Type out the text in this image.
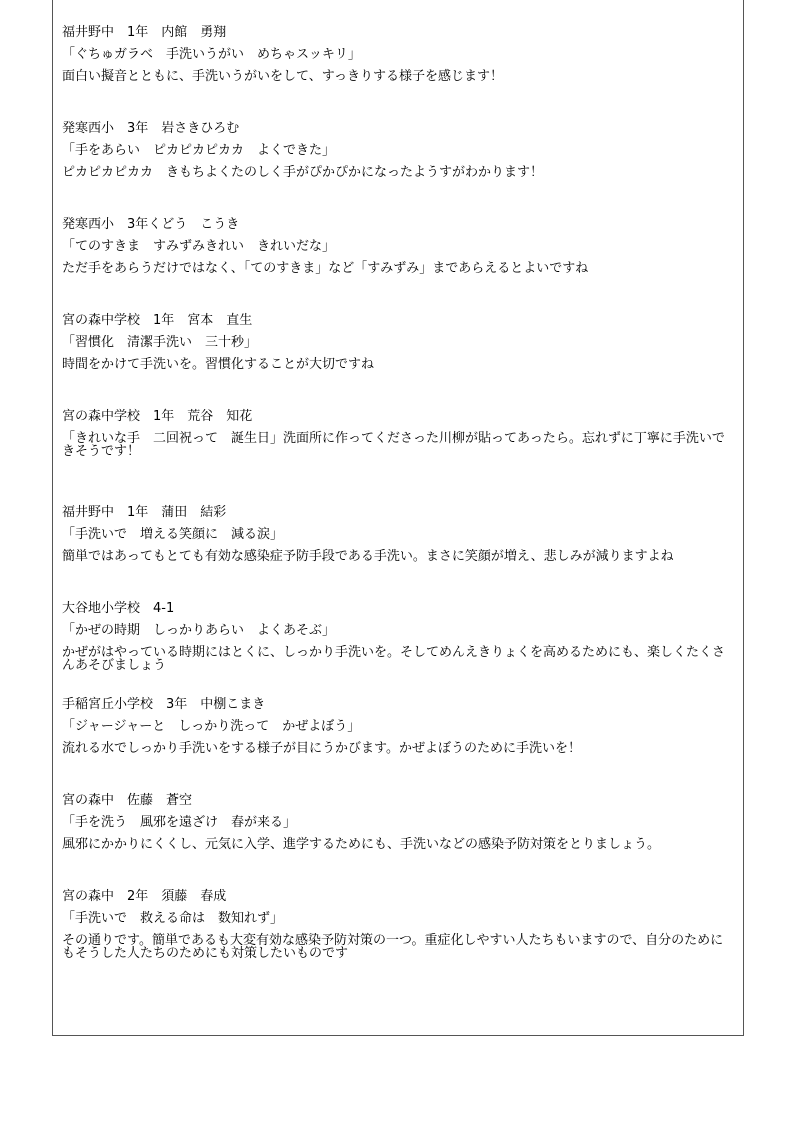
福井野中　1年　内館　勇翔
「ぐちゅガラベ　手洗いうがい　めちゃスッキリ」
面白い擬音とともに、手洗いうがいをして、すっきりする様子を感じます！
発寒西小　3年　岩さきひろむ
「手をあらい　ピカピカピカカ　よくできた」
ピカピカピカカ　きもちよくたのしく手がぴかぴかになったようすがわかります！
発寒西小　3年くどう　こうき
「てのすきま　すみずみきれい　きれいだな」
ただ手をあらうだけではなく、「てのすきま」など「すみずみ」まであらえるとよいですね
宮の森中学校　1年　宮本　直生
「習慣化　清潔手洗い　三十秒」
時間をかけて手洗いを。習慣化することが大切ですね
宮の森中学校　1年　荒谷　知花
「きれいな手　二回祝って　誕生日」洗面所に作ってくださった川柳が貼ってあったら。忘れずに丁寧に手洗いできそうです！
福井野中　1年　蒲田　結彩
「手洗いで　増える笑顔に　減る涙」
簡単ではあってもとても有効な感染症予防手段である手洗い。まさに笑顔が増え、悲しみが減りますよね
大谷地小学校　4-1
「かぜの時期　しっかりあらい　よくあそぶ」
かぜがはやっている時期にはとくに、しっかり手洗いを。そしてめんえきりょくを高めるためにも、楽しくたくさんあそびましょう
手稲宮丘小学校　3年　中㭭こまき
「ジャージャーと　しっかり洗って　かぜよぼう」
流れる水でしっかり手洗いをする様子が目にうかびます。かぜよぼうのために手洗いを！
宮の森中　佐藤　蒼空
「手を洗う　風邪を遠ざけ　春が来る」
風邪にかかりにくくし、元気に入学、進学するためにも、手洗いなどの感染予防対策をとりましょう。
宮の森中　2年　須藤　春成
「手洗いで　救える命は　数知れず」
その通りです。簡単であるも大変有効な感染予防対策の一つ。重症化しやすい人たちもいますので、自分のためにもそうした人たちのためにも対策したいものです
